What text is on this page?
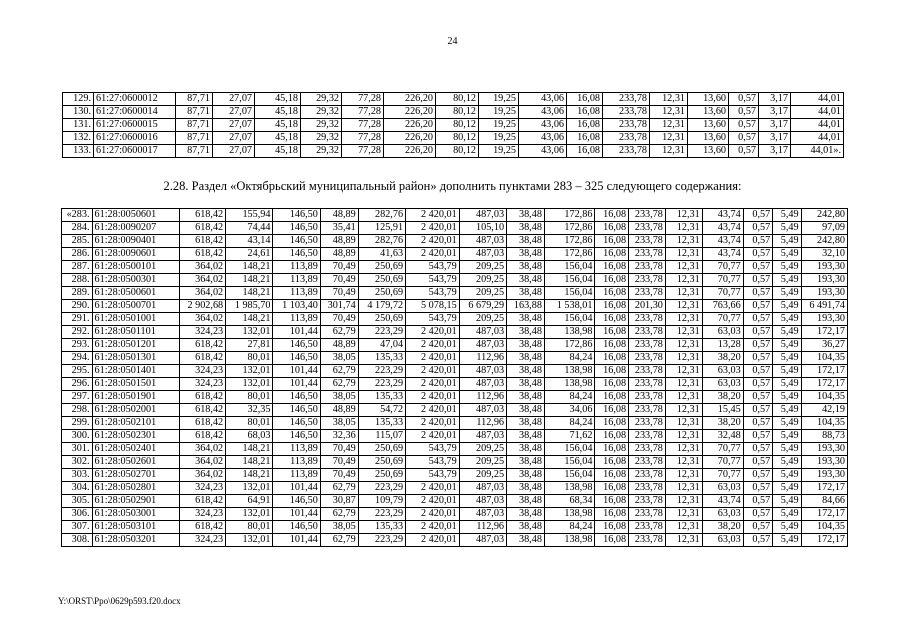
24
129.	61:27:0600012	87,71	27,07	45,18	29,32	77,28	226,20	80,12	19,25	43,06	16,08	233,78	12,31	13,60	0,57	3,17	44,01
130.	61:27:0600014	87,71	27,07	45,18	29,32	77,28	226,20	80,12	19,25	43,06	16,08	233,78	12,31	13,60	0,57	3,17	44,01
131.	61:27:0600015	87,71	27,07	45,18	29,32	77,28	226,20	80,12	19,25	43,06	16,08	233,78	12,31	13,60	0,57	3,17	44,01
132.	61:27:0600016	87,71	27,07	45,18	29,32	77,28	226,20	80,12	19,25	43,06	16,08	233,78	12,31	13,60	0,57	3,17	44,01
133.	61:27:0600017	87,71	27,07	45,18	29,32	77,28	226,20	80,12	19,25	43,06	16,08	233,78	12,31	13,60	0,57	3,17	44,01».
2.28. Раздел «Октябрьский муниципальный район» дополнить пунктами 283 – 325 следующего содержания:
«283.	61:28:0050601	618,42	155,94	146,50	48,89	282,76	2 420,01	487,03	38,48	172,86	16,08	233,78	12,31	43,74	0,57	5,49	242,80
284.	61:28:0090207	618,42	74,44	146,50	35,41	125,91	2 420,01	105,10	38,48	172,86	16,08	233,78	12,31	43,74	0,57	5,49	97,09
285.	61:28:0090401	618,42	43,14	146,50	48,89	282,76	2 420,01	487,03	38,48	172,86	16,08	233,78	12,31	43,74	0,57	5,49	242,80
286.	61:28:0090601	618,42	24,61	146,50	48,89	41,63	2 420,01	487,03	38,48	172,86	16,08	233,78	12,31	43,74	0,57	5,49	32,10
287.	61:28:0500101	364,02	148,21	113,89	70,49	250,69	543,79	209,25	38,48	156,04	16,08	233,78	12,31	70,77	0,57	5,49	193,30
288.	61:28:0500301	364,02	148,21	113,89	70,49	250,69	543,79	209,25	38,48	156,04	16,08	233,78	12,31	70,77	0,57	5,49	193,30
289.	61:28:0500601	364,02	148,21	113,89	70,49	250,69	543,79	209,25	38,48	156,04	16,08	233,78	12,31	70,77	0,57	5,49	193,30
290.	61:28:0500701	2 902,68	1 985,70	1 103,40	301,74	4 179,72	5 078,15	6 679,29	163,88	1 538,01	16,08	201,30	12,31	763,66	0,57	5,49	6 491,74
291.	61:28:0501001	364,02	148,21	113,89	70,49	250,69	543,79	209,25	38,48	156,04	16,08	233,78	12,31	70,77	0,57	5,49	193,30
292.	61:28:0501101	324,23	132,01	101,44	62,79	223,29	2 420,01	487,03	38,48	138,98	16,08	233,78	12,31	63,03	0,57	5,49	172,17
293.	61:28:0501201	618,42	27,81	146,50	48,89	47,04	2 420,01	487,03	38,48	172,86	16,08	233,78	12,31	13,28	0,57	5,49	36,27
294.	61:28:0501301	618,42	80,01	146,50	38,05	135,33	2 420,01	112,96	38,48	84,24	16,08	233,78	12,31	38,20	0,57	5,49	104,35
295.	61:28:0501401	324,23	132,01	101,44	62,79	223,29	2 420,01	487,03	38,48	138,98	16,08	233,78	12,31	63,03	0,57	5,49	172,17
296.	61:28:0501501	324,23	132,01	101,44	62,79	223,29	2 420,01	487,03	38,48	138,98	16,08	233,78	12,31	63,03	0,57	5,49	172,17
297.	61:28:0501901	618,42	80,01	146,50	38,05	135,33	2 420,01	112,96	38,48	84,24	16,08	233,78	12,31	38,20	0,57	5,49	104,35
298.	61:28:0502001	618,42	32,35	146,50	48,89	54,72	2 420,01	487,03	38,48	34,06	16,08	233,78	12,31	15,45	0,57	5,49	42,19
299.	61:28:0502101	618,42	80,01	146,50	38,05	135,33	2 420,01	112,96	38,48	84,24	16,08	233,78	12,31	38,20	0,57	5,49	104,35
300.	61:28:0502301	618,42	68,03	146,50	32,36	115,07	2 420,01	487,03	38,48	71,62	16,08	233,78	12,31	32,48	0,57	5,49	88,73
301.	61:28:0502401	364,02	148,21	113,89	70,49	250,69	543,79	209,25	38,48	156,04	16,08	233,78	12,31	70,77	0,57	5,49	193,30
302.	61:28:0502601	364,02	148,21	113,89	70,49	250,69	543,79	209,25	38,48	156,04	16,08	233,78	12,31	70,77	0,57	5,49	193,30
303.	61:28:0502701	364,02	148,21	113,89	70,49	250,69	543,79	209,25	38,48	156,04	16,08	233,78	12,31	70,77	0,57	5,49	193,30
304.	61:28:0502801	324,23	132,01	101,44	62,79	223,29	2 420,01	487,03	38,48	138,98	16,08	233,78	12,31	63,03	0,57	5,49	172,17
305.	61:28:0502901	618,42	64,91	146,50	30,87	109,79	2 420,01	487,03	38,48	68,34	16,08	233,78	12,31	43,74	0,57	5,49	84,66
306.	61:28:0503001	324,23	132,01	101,44	62,79	223,29	2 420,01	487,03	38,48	138,98	16,08	233,78	12,31	63,03	0,57	5,49	172,17
307.	61:28:0503101	618,42	80,01	146,50	38,05	135,33	2 420,01	112,96	38,48	84,24	16,08	233,78	12,31	38,20	0,57	5,49	104,35
308.	61:28:0503201	324,23	132,01	101,44	62,79	223,29	2 420,01	487,03	38,48	138,98	16,08	233,78	12,31	63,03	0,57	5,49	172,17
Y:\ORST\Ppo\0629p593.f20.docx
